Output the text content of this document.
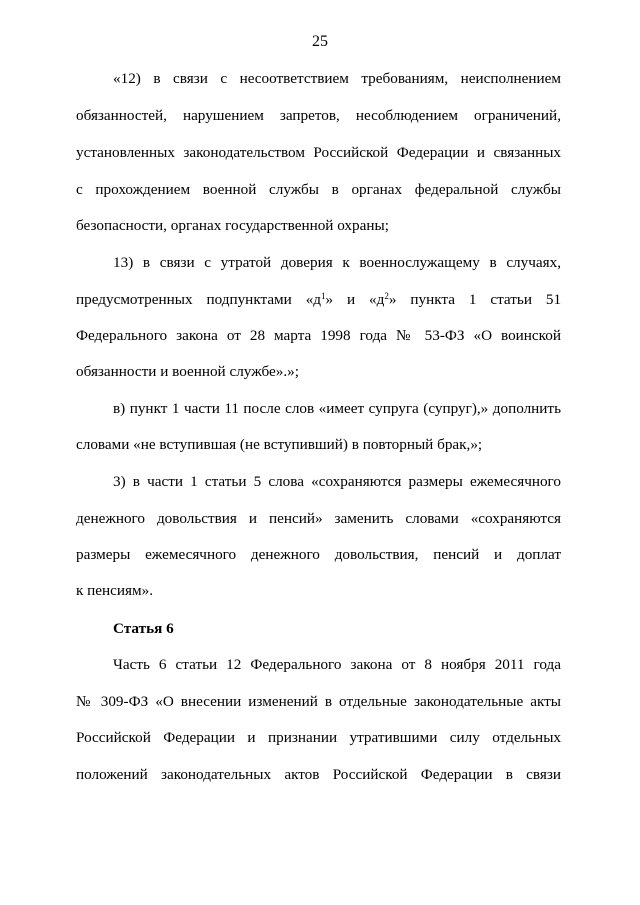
25
«12) в связи с несоответствием требованиям, неисполнением
обязанностей, нарушением запретов, несоблюдением ограничений,
установленных законодательством Российской Федерации и связанных
с прохождением военной службы в органах федеральной службы
безопасности, органах государственной охраны;
13) в связи с утратой доверия к военнослужащему в случаях,
предусмотренных подпунктами «$д^1$» и «$д^2$» пункта 1 статьи 51
Федерального закона от 28 марта 1998 года № 53-ФЗ «О воинской
обязанности и военной службе».»;
в) пункт 1 части 11 после слов «имеет супруга (супруг),» дополнить
словами «не вступившая (не вступивший) в повторный брак,»;
3) в части 1 статьи 5 слова «сохраняются размеры ежемесячного
денежного довольствия и пенсий» заменить словами «сохраняются
размеры ежемесячного денежного довольствия, пенсий и доплат
к пенсиям».
Статья 6
Часть 6 статьи 12 Федерального закона от 8 ноября 2011 года
№ 309-ФЗ «О внесении изменений в отдельные законодательные акты
Российской Федерации и признании утратившими силу отдельных
положений законодательных актов Российской Федерации в связи
